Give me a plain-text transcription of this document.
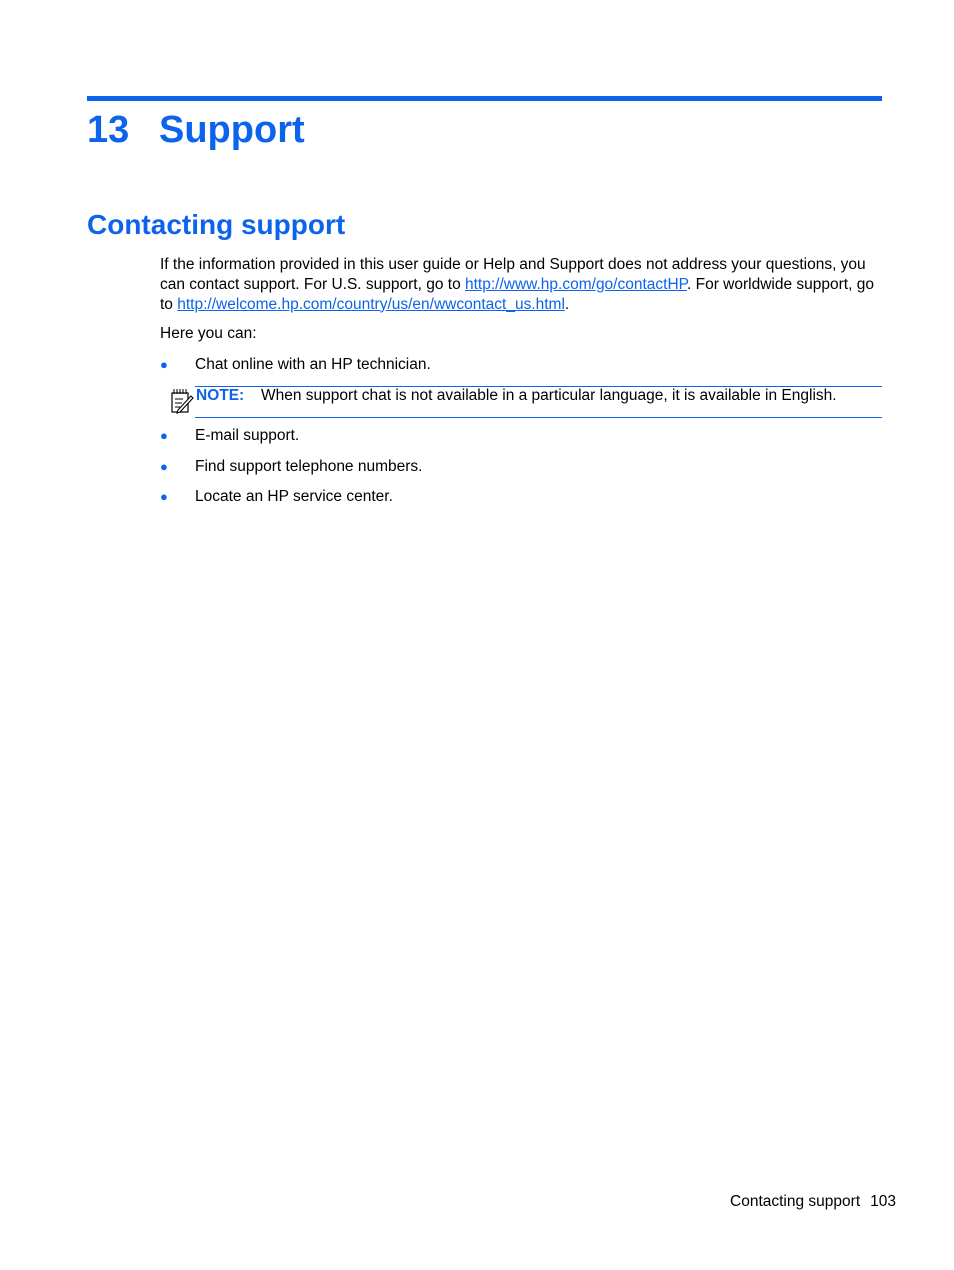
13 Support
Contacting support

If the information provided in this user guide or Help and Support does not address your questions, you can contact support. For U.S. support, go to http://www.hp.com/go/contactHP. For worldwide support, go to http://welcome.hp.com/country/us/en/wwcontact_us.html.

Here you can:

● Chat online with an HP technician.
NOTE: When support chat is not available in a particular language, it is available in English.
● E-mail support.
● Find support telephone numbers.
● Locate an HP service center.
Contacting support 103
